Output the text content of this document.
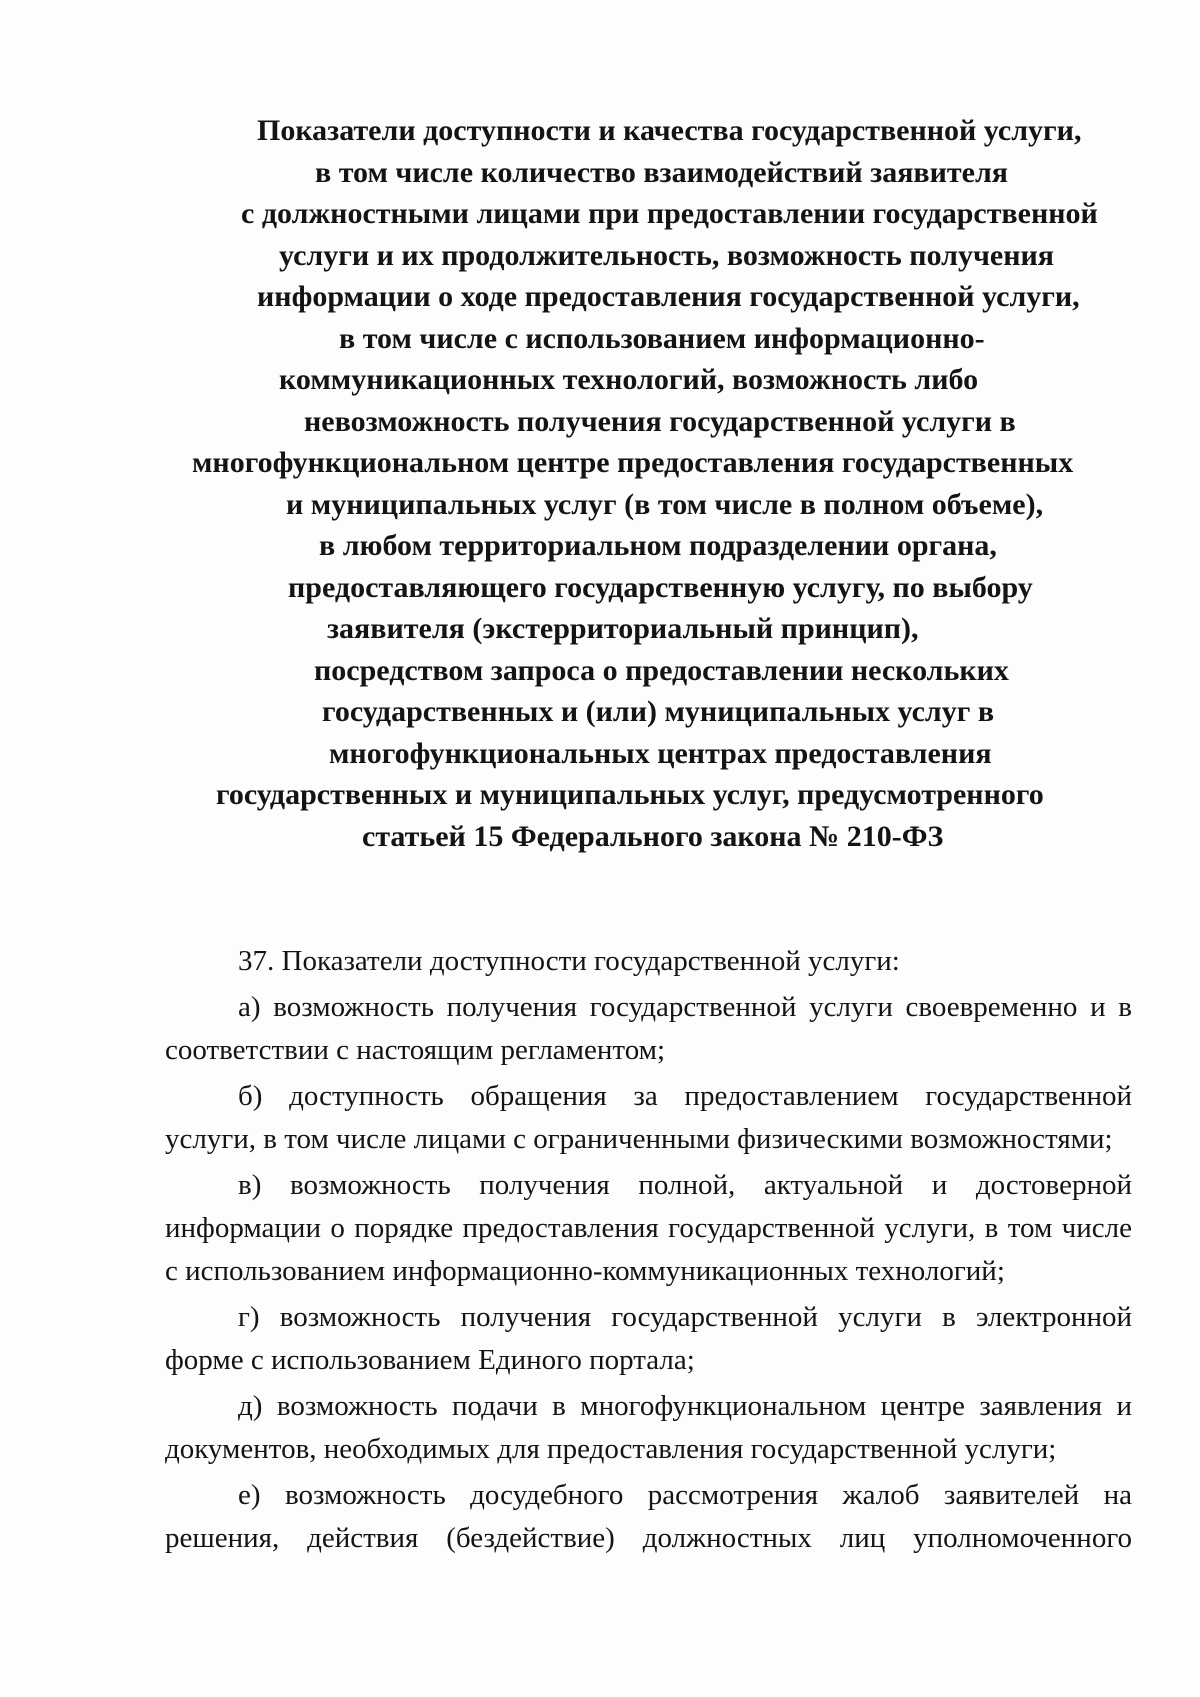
Показатели доступности и качества государственной услуги,
в том числе количество взаимодействий заявителя
с должностными лицами при предоставлении государственной
услуги и их продолжительность, возможность получения
информации о ходе предоставления государственной услуги,
в том числе с использованием информационно-
коммуникационных технологий, возможность либо
невозможность получения государственной услуги в
многофункциональном центре предоставления государственных
и муниципальных услуг (в том числе в полном объеме),
в любом территориальном подразделении органа,
предоставляющего государственную услугу, по выбору
заявителя (экстерриториальный принцип),
посредством запроса о предоставлении нескольких
государственных и (или) муниципальных услуг в
многофункциональных центрах предоставления
государственных и муниципальных услуг, предусмотренного
статьей 15 Федерального закона № 210-ФЗ

37. Показатели доступности государственной услуги:

а) возможность получения государственной услуги своевременно и в соответствии с настоящим регламентом;

б) доступность обращения за предоставлением государственной услуги, в том числе лицами с ограниченными физическими возможностями;

в) возможность получения полной, актуальной и достоверной информации о порядке предоставления государственной услуги, в том числе с использованием информационно-коммуникационных технологий;

г) возможность получения государственной услуги в электронной форме с использованием Единого портала;

д) возможность подачи в многофункциональном центре заявления и документов, необходимых для предоставления государственной услуги;

е) возможность досудебного рассмотрения жалоб заявителей на решения, действия (бездействие) должностных лиц уполномоченного
